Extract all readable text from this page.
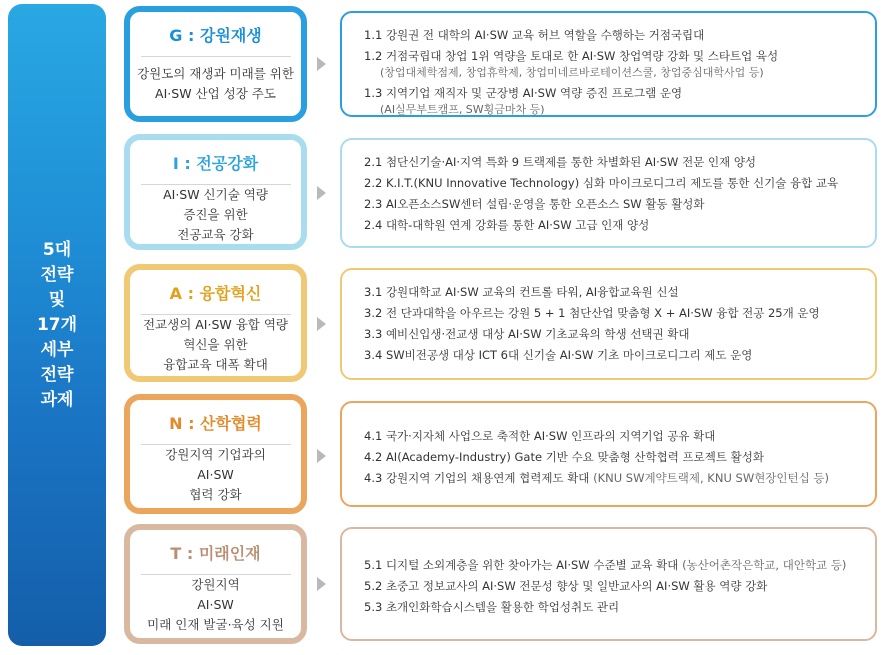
5대
전략
및
17개
세부
전략
과제
G : 강원재생
강원도의 재생과 미래를 위한
AI·SW 산업 성장 주도
1.1 강원권 전 대학의 AI·SW 교육 허브 역할을 수행하는 거점국립대
1.2 거점국립대 창업 1위 역량을 토대로 한 AI·SW 창업역량 강화 및 스타트업 육성
(창업대체학점제, 창업휴학제, 창업미네르바로테이션스쿨, 창업중심대학사업 등)
1.3 지역기업 재직자 및 군장병 AI·SW 역량 증진 프로그램 운영
(AI실무부트캠프, SW횡금마차 등)
I : 전공강화
AI·SW 신기술 역량
증진을 위한
전공교육 강화
2.1 첨단신기술·AI·지역 특화 9 트랙제를 통한 차별화된 AI·SW 전문 인재 양성
2.2 K.I.T.(KNU Innovative Technology) 심화 마이크로디그리 제도를 통한 신기술 융합 교육
2.3 AI오픈소스SW센터 설립·운영을 통한 오픈소스 SW 활동 활성화
2.4 대학-대학원 연계 강화를 통한 AI·SW 고급 인재 양성
A : 융합혁신
전교생의 AI·SW 융합 역량
혁신을 위한
융합교육 대폭 확대
3.1 강원대학교 AI·SW 교육의 컨트롤 타워, AI융합교육원 신설
3.2 전 단과대학을 아우르는 강원 5 + 1 첨단산업 맞춤형 X + AI·SW 융합 전공 25개 운영
3.3 예비신입생·전교생 대상 AI·SW 기초교육의 학생 선택권 확대
3.4 SW비전공생 대상 ICT 6대 신기술 AI·SW 기초 마이크로디그리 제도 운영
N : 산학협력
강원지역 기업과의
AI·SW
협력 강화
4.1 국가·지자체 사업으로 축적한 AI·SW 인프라의 지역기업 공유 확대
4.2 AI(Academy-Industry) Gate 기반 수요 맞춤형 산학협력 프로젝트 활성화
4.3 강원지역 기업의 채용연계 협력제도 확대 (KNU SW계약트랙제, KNU SW현장인턴십 등)
T : 미래인재
강원지역
AI·SW
미래 인재 발굴·육성 지원
5.1 디지털 소외계층을 위한 찾아가는 AI·SW 수준별 교육 확대 (농산어촌작은학교, 대안학교 등)
5.2 초중고 정보교사의 AI·SW 전문성 향상 및 일반교사의 AI·SW 활용 역량 강화
5.3 초개인화학습시스템을 활용한 학업성취도 관리
